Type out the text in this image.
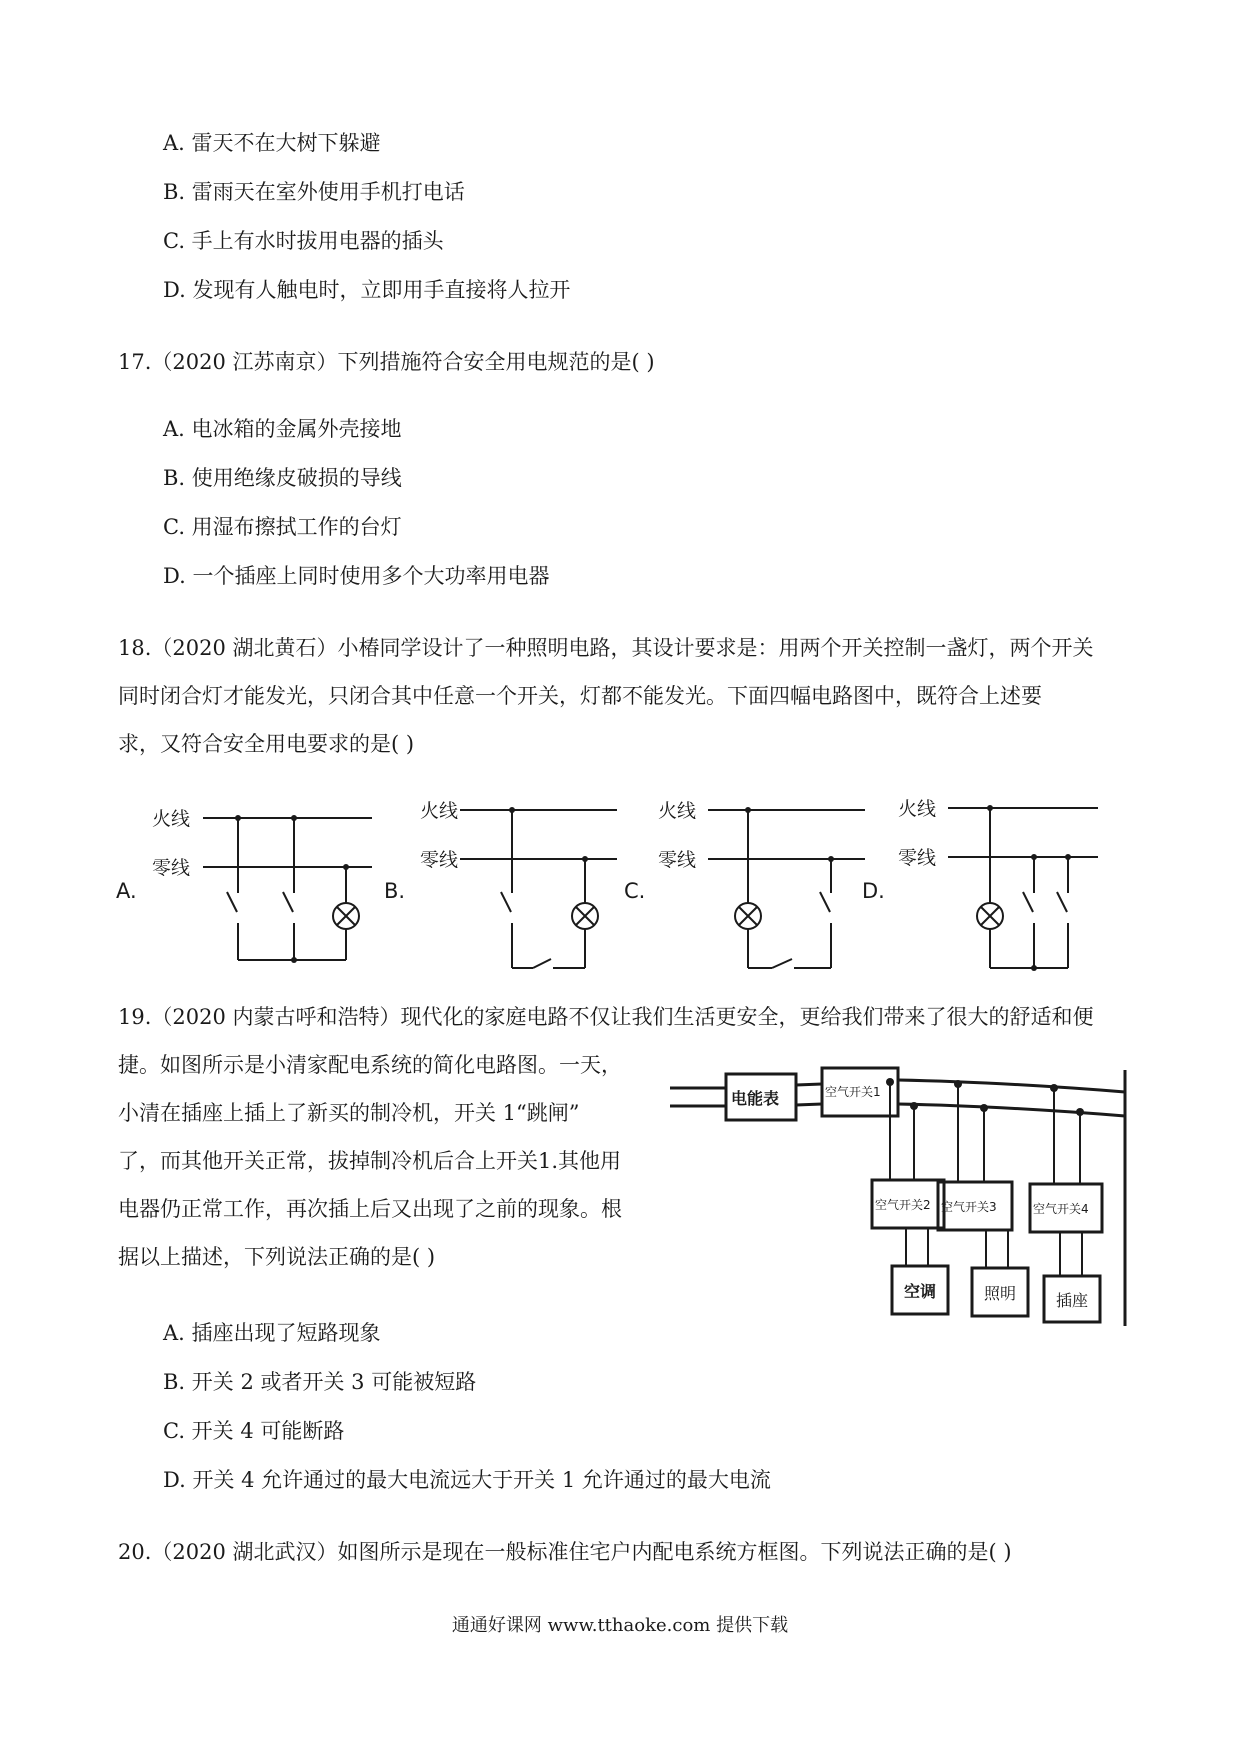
A. 雷天不在大树下躲避
B. 雷雨天在室外使用手机打电话
C. 手上有水时拔用电器的插头
D. 发现有人触电时，立即用手直接将人拉开
17.（2020 江苏南京）下列措施符合安全用电规范的是( )
A. 电冰箱的金属外壳接地
B. 使用绝缘皮破损的导线
C. 用湿布擦拭工作的台灯
D. 一个插座上同时使用多个大功率用电器
18.（2020 湖北黄石）小椿同学设计了一种照明电路，其设计要求是：用两个开关控制一盏灯，两个开关
同时闭合灯才能发光，只闭合其中任意一个开关，灯都不能发光。下面四幅电路图中，既符合上述要
求，又符合安全用电要求的是( )
火线
零线
A.
火线
零线
B.
火线
零线
C.
火线
零线
D.
19.（2020 内蒙古呼和浩特）现代化的家庭电路不仅让我们生活更安全，更给我们带来了很大的舒适和便
捷。如图所示是小清家配电系统的简化电路图。一天，
小清在插座上插上了新买的制冷机，开关 1“跳闸”
了，而其他开关正常，拔掉制冷机后合上开关1.其他用
电器仍正常工作，再次插上后又出现了之前的现象。根
据以上描述，下列说法正确的是( )
电能表	空气开关1
空气开关2 空气开关3	空气开关4
空调	照明 插座
A. 插座出现了短路现象
B. 开关 2 或者开关 3 可能被短路
C. 开关 4 可能断路
D. 开关 4 允许通过的最大电流远大于开关 1 允许通过的最大电流
20.（2020 湖北武汉）如图所示是现在一般标准住宅户内配电系统方框图。下列说法正确的是( )
通通好课网 www.tthaoke.com 提供下载
